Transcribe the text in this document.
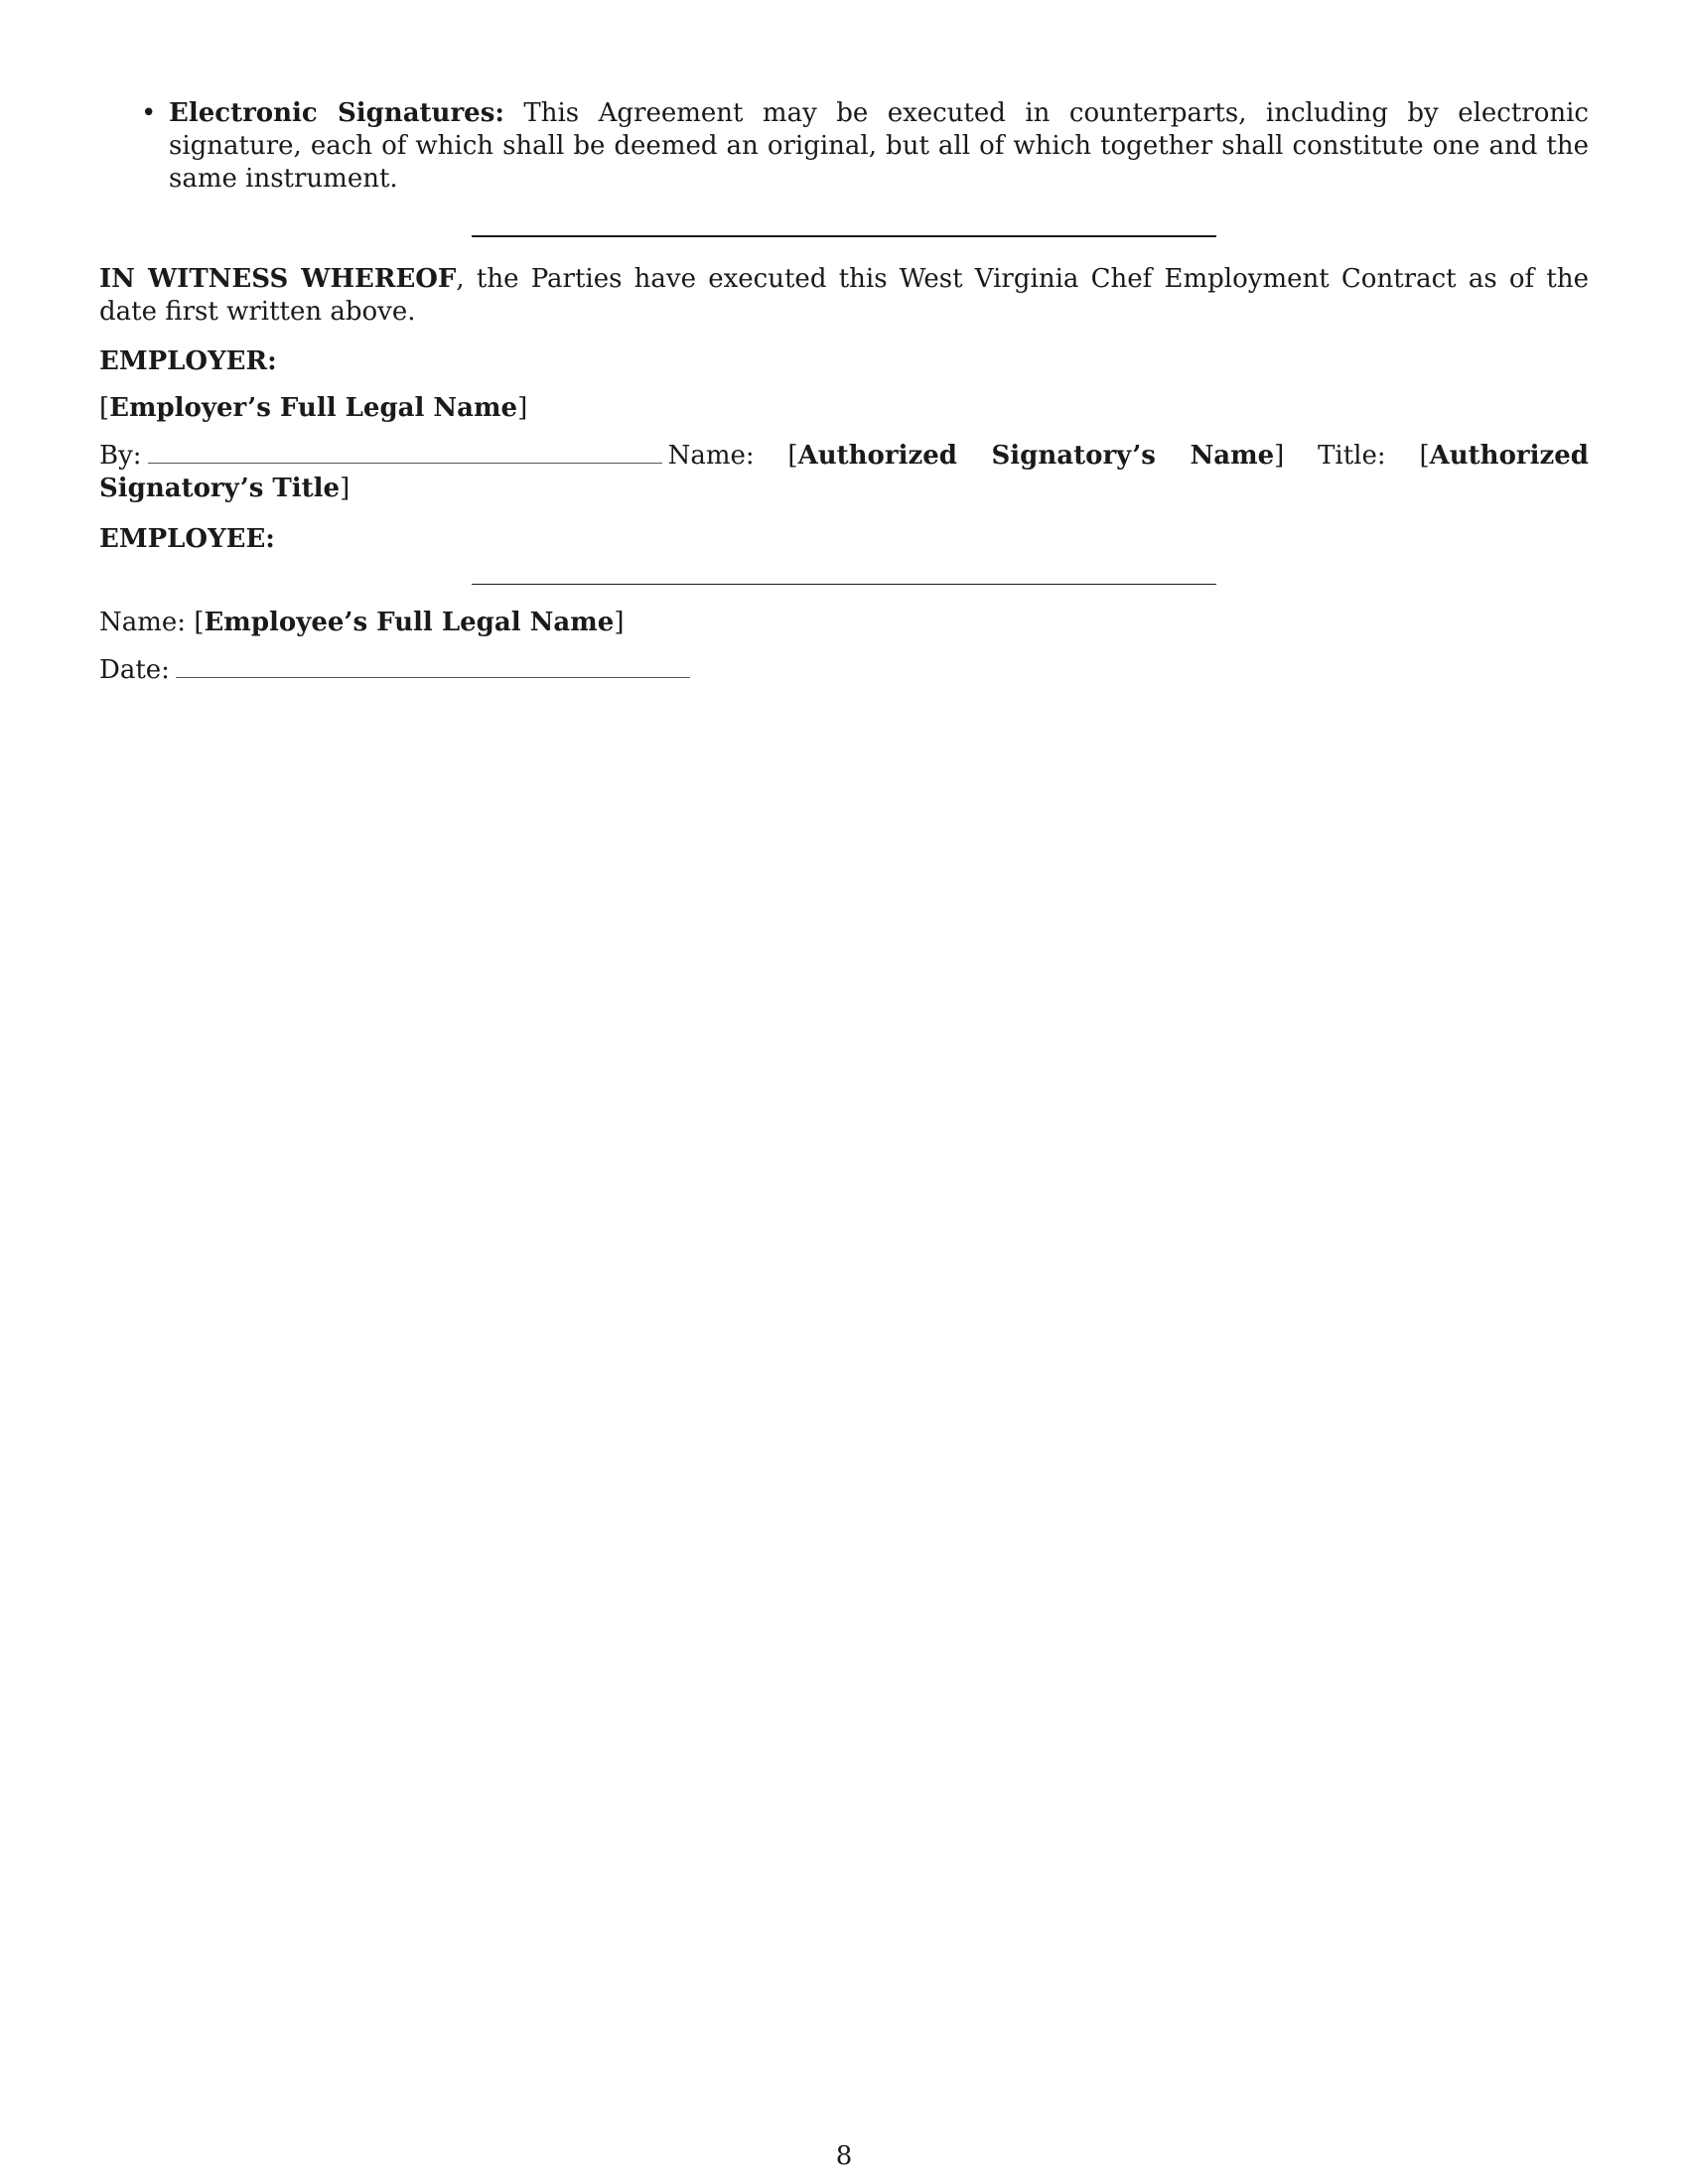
• Electronic Signatures: This Agreement may be executed in counterparts, including by electronic signature, each of which shall be deemed an original, but all of which together shall constitute one and the same instrument.

IN WITNESS WHEREOF, the Parties have executed this West Virginia Chef Employment Contract as of the date first written above.

EMPLOYER:

[Employer’s Full Legal Name]

By:	Name: [Authorized Signatory’s Name] Title: [Authorized Signatory’s Title]

EMPLOYEE:

Name: [Employee’s Full Legal Name]

Date:

8
